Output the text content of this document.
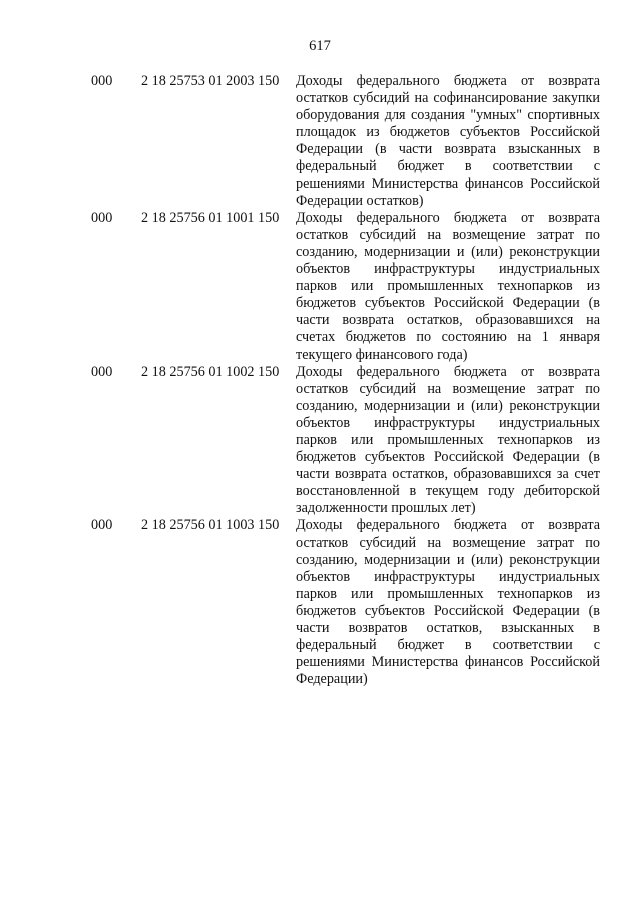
617
000	2 18 25753 01 2003 150	Доходы федерального бюджета от возврата остатков субсидий на софинансирование закупки оборудования для создания "умных" спортивных площадок из бюджетов субъектов Российской Федерации (в части возврата взысканных в федеральный бюджет в соответствии с решениями Министерства финансов Российской Федерации остатков)
000	2 18 25756 01 1001 150	Доходы федерального бюджета от возврата остатков субсидий на возмещение затрат по созданию, модернизации и (или) реконструкции объектов инфраструктуры индустриальных парков или промышленных технопарков из бюджетов субъектов Российской Федерации (в части возврата остатков, образовавшихся на счетах бюджетов по состоянию на 1 января текущего финансового года)
000	2 18 25756 01 1002 150	Доходы федерального бюджета от возврата остатков субсидий на возмещение затрат по созданию, модернизации и (или) реконструкции объектов инфраструктуры индустриальных парков или промышленных технопарков из бюджетов субъектов Российской Федерации (в части возврата остатков, образовавшихся за счет восстановленной в текущем году дебиторской задолженности прошлых лет)
000	2 18 25756 01 1003 150	Доходы федерального бюджета от возврата остатков субсидий на возмещение затрат по созданию, модернизации и (или) реконструкции объектов инфраструктуры индустриальных парков или промышленных технопарков из бюджетов субъектов Российской Федерации (в части возвратов остатков, взысканных в федеральный бюджет в соответствии с решениями Министерства финансов Российской Федерации)
